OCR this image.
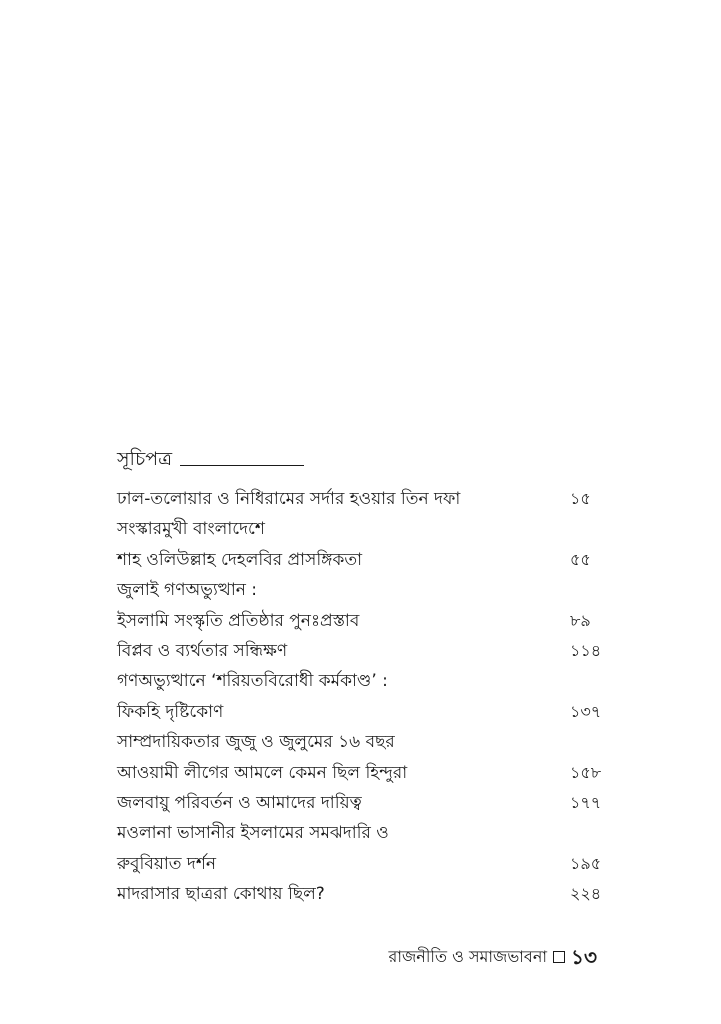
সূচিপত্র
ঢাল-তলোয়ার ও নিধিরামের সর্দার হওয়ার তিন দফা	১৫
সংস্কারমুখী বাংলাদেশে
শাহ ওলিউল্লাহ দেহলবির প্রাসঙ্গিকতা	৫৫
জুলাই গণঅভ্যুত্থান :
ইসলামি সংস্কৃতি প্রতিষ্ঠার পুনঃপ্রস্তাব	৮৯
বিপ্লব ও ব্যর্থতার সন্ধিক্ষণ	১১৪
গণঅভ্যুত্থানে ‘শরিয়তবিরোধী কর্মকাণ্ড’ :
ফিকহি দৃষ্টিকোণ	১৩৭
সাম্প্রদায়িকতার জুজু ও জুলুমের ১৬ বছর
আওয়ামী লীগের আমলে কেমন ছিল হিন্দুরা	১৫৮
জলবায়ু পরিবর্তন ও আমাদের দায়িত্ব	১৭৭
মওলানা ভাসানীর ইসলামের সমঝদারি ও
রুবুবিয়াত দর্শন	১৯৫
মাদরাসার ছাত্ররা কোথায় ছিল?	২২৪
রাজনীতি ও সমাজভাবনা ১৩
